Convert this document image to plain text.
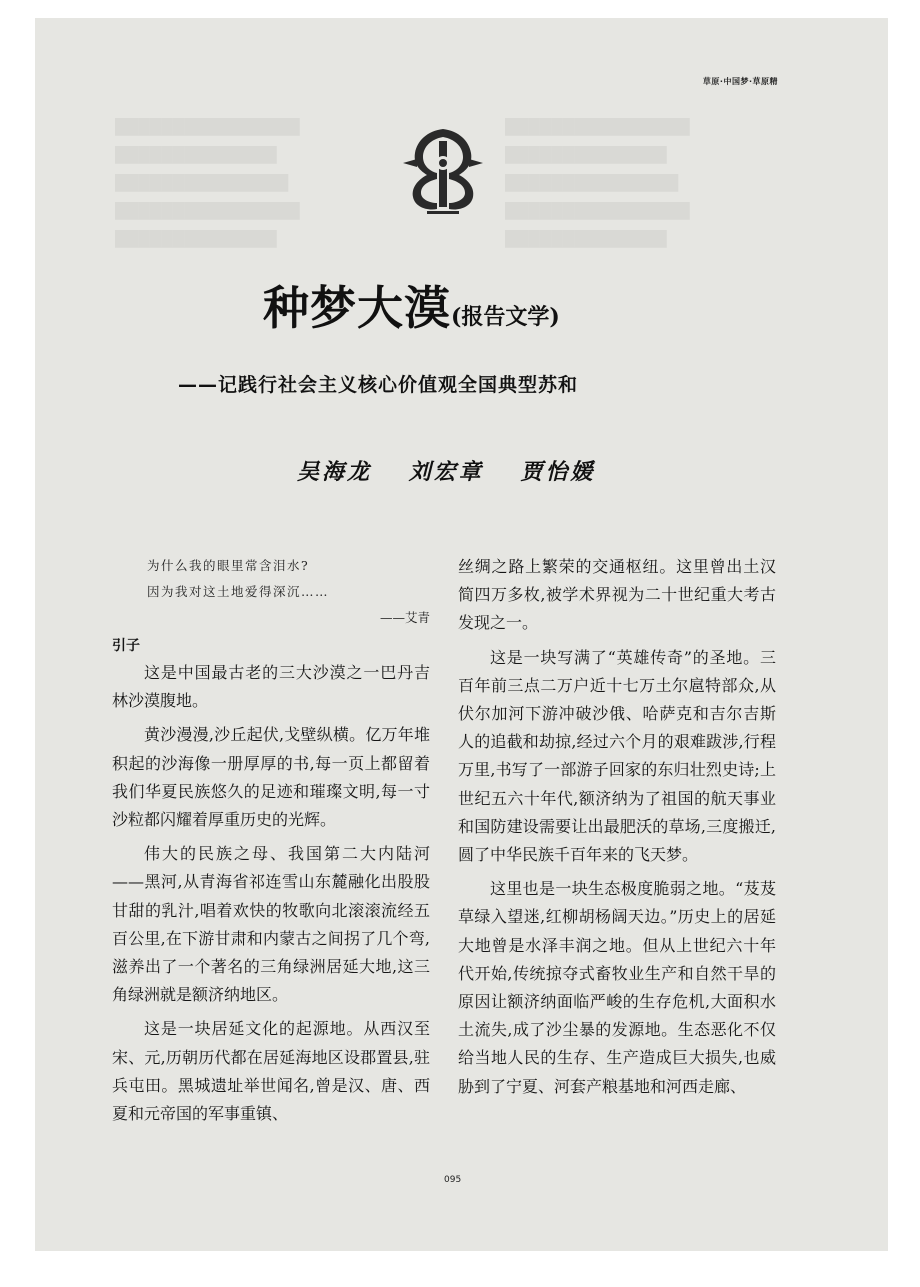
草原·中国梦·草原精
████████████████
██████████████
███████████████
████████████████
██████████████
████████████████
██████████████
███████████████
████████████████
██████████████
种梦大漠(报告文学)
——记践行社会主义核心价值观全国典型苏和
吴海龙 刘宏章 贾怡媛
为什么我的眼里常含泪水?
因为我对这土地爱得深沉……
——艾青
引子

这是中国最古老的三大沙漠之一巴丹吉林沙漠腹地。

黄沙漫漫,沙丘起伏,戈壁纵横。亿万年堆积起的沙海像一册厚厚的书,每一页上都留着我们华夏民族悠久的足迹和璀璨文明,每一寸沙粒都闪耀着厚重历史的光辉。

伟大的民族之母、我国第二大内陆河——黑河,从青海省祁连雪山东麓融化出股股甘甜的乳汁,唱着欢快的牧歌向北滚滚流经五百公里,在下游甘肃和内蒙古之间拐了几个弯,滋养出了一个著名的三角绿洲居延大地,这三角绿洲就是额济纳地区。

这是一块居延文化的起源地。从西汉至宋、元,历朝历代都在居延海地区设郡置县,驻兵屯田。黑城遗址举世闻名,曾是汉、唐、西夏和元帝国的军事重镇、

丝绸之路上繁荣的交通枢纽。这里曾出土汉简四万多枚,被学术界视为二十世纪重大考古发现之一。

这是一块写满了“英雄传奇”的圣地。三百年前三点二万户近十七万土尔扈特部众,从伏尔加河下游冲破沙俄、哈萨克和吉尔吉斯人的追截和劫掠,经过六个月的艰难跋涉,行程万里,书写了一部游子回家的东归壮烈史诗;上世纪五六十年代,额济纳为了祖国的航天事业和国防建设需要让出最肥沃的草场,三度搬迁,圆了中华民族千百年来的飞天梦。

这里也是一块生态极度脆弱之地。“芨芨草绿入望迷,红柳胡杨阔天边。”历史上的居延大地曾是水泽丰润之地。但从上世纪六十年代开始,传统掠夺式畜牧业生产和自然干旱的原因让额济纳面临严峻的生存危机,大面积水土流失,成了沙尘暴的发源地。生态恶化不仅给当地人民的生存、生产造成巨大损失,也威胁到了宁夏、河套产粮基地和河西走廊、

095
